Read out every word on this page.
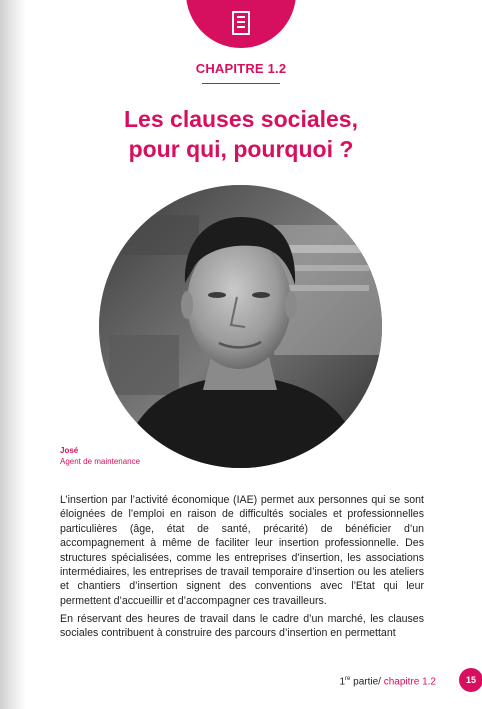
CHAPITRE 1.2
Les clauses sociales,
pour qui, pourquoi ?
José
Agent de maintenance

L’insertion par l’activité économique (IAE) permet aux personnes qui se sont éloignées de l’emploi en raison de difficultés sociales et professionnelles particulières (âge, état de santé, précarité) de bénéficier d’un accompagnement à même de faciliter leur insertion professionnelle. Des structures spécialisées, comme les entreprises d’insertion, les associations intermédiaires, les entreprises de travail temporaire d’insertion ou les ateliers et chantiers d’insertion signent des conventions avec l’Etat qui leur permettent d’accueillir et d’accompagner ces travailleurs.

En réservant des heures de travail dans le cadre d’un marché, les clauses sociales contribuent à construire des parcours d’insertion en permettant

1re partie/ chapitre 1.2	15
